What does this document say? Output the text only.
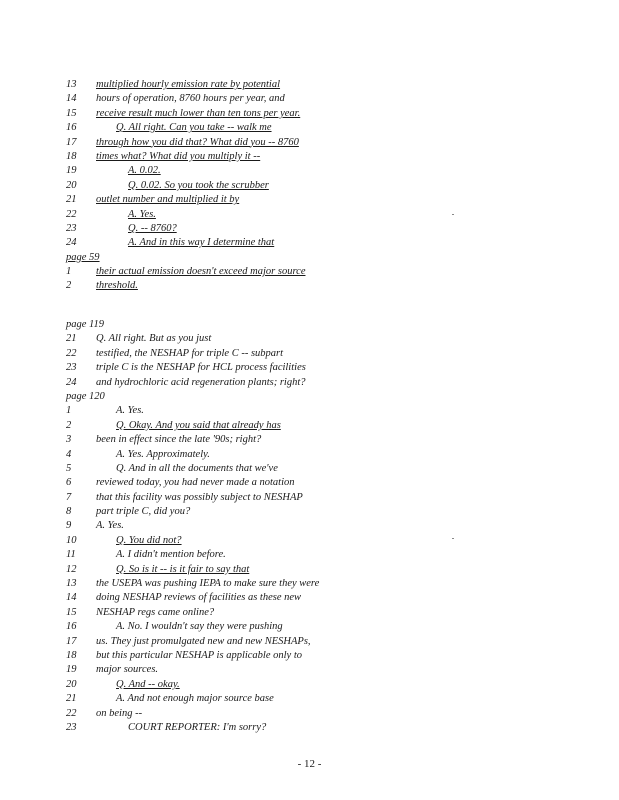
13	multiplied hourly emission rate by potential
14	hours of operation, 8760 hours per year, and
15	receive result much lower than ten tons per year.
16	Q. All right. Can you take -- walk me
17	through how you did that? What did you -- 8760
18	times what? What did you multiply it --
19	A. 0.02.
20	Q. 0.02. So you took the scrubber
21	outlet number and multiplied it by
22	A. Yes.
23	Q. -- 8760?
24	A. And in this way I determine that
page 59
1	their actual emission doesn't exceed major source
2	threshold.
page 119
21	Q. All right. But as you just
22	testified, the NESHAP for triple C -- subpart
23	triple C is the NESHAP for HCL process facilities
24	and hydrochloric acid regeneration plants; right?
page 120
1	A. Yes.
2	Q. Okay. And you said that already has
3	been in effect since the late '90s; right?
4	A. Yes. Approximately.
5	Q. And in all the documents that we've
6	reviewed today, you had never made a notation
7	that this facility was possibly subject to NESHAP
8	part triple C, did you?
9	A. Yes.
10	Q. You did not?
11	A. I didn't mention before.
12	Q. So is it -- is it fair to say that
13	the USEPA was pushing IEPA to make sure they were
14	doing NESHAP reviews of facilities as these new
15	NESHAP regs came online?
16	A. No. I wouldn't say they were pushing
17	us. They just promulgated new and new NESHAPs,
18	but this particular NESHAP is applicable only to
19	major sources.
20	Q. And -- okay.
21	A. And not enough major source base
22	on being --
23	COURT REPORTER: I'm sorry?
- 12 -
